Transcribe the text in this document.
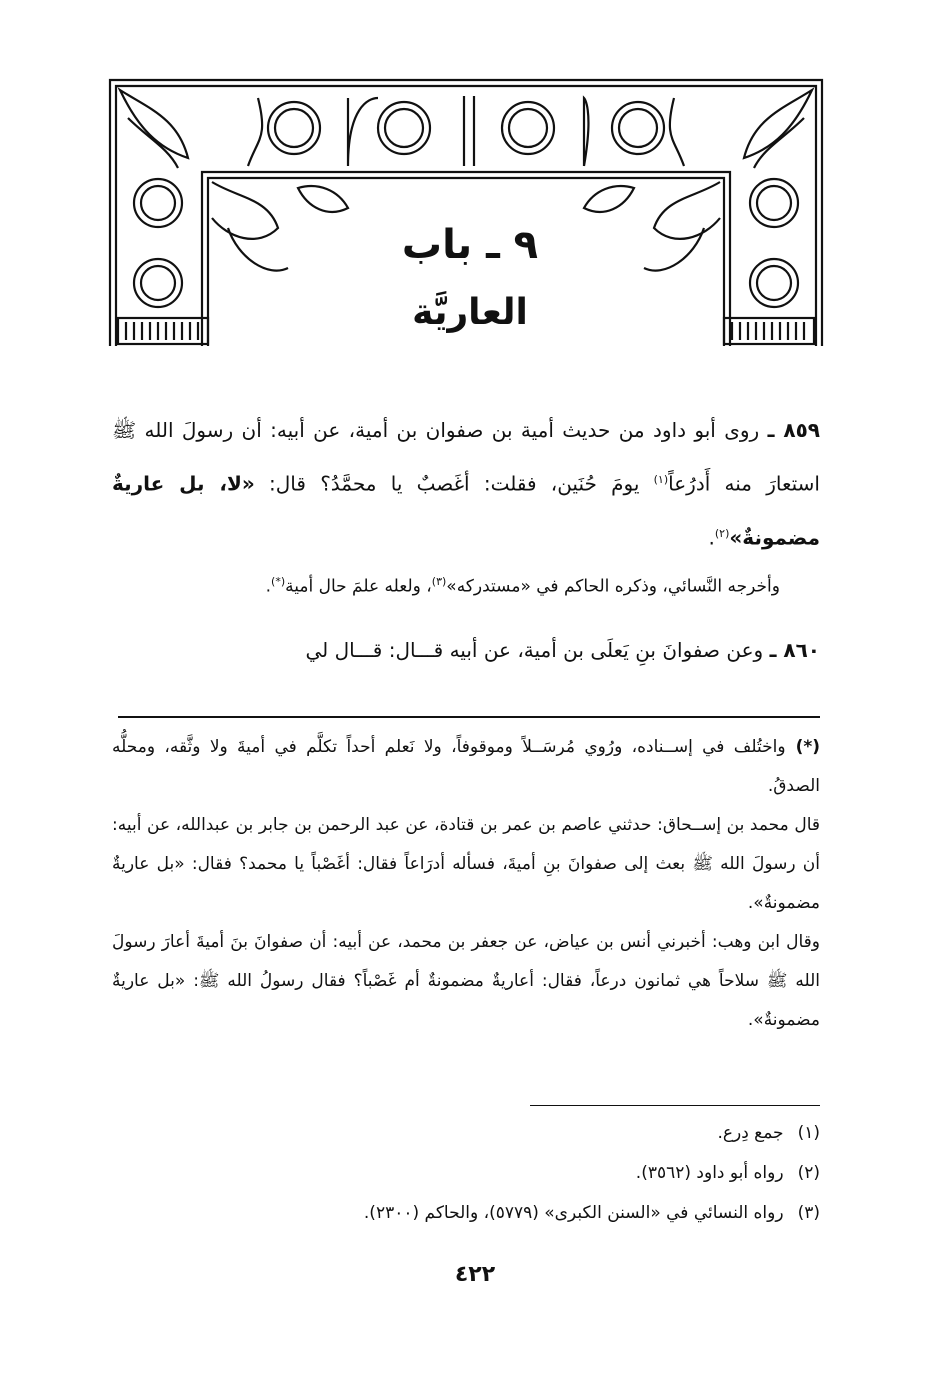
٩ ـ باب
العاريَّة
٨٥٩ ـ روى أبو داود من حديث أمية بن صفوان بن أمية، عن أبيه: أن رسولَ الله ﷺ استعارَ منه أَدرُعاً$^{(١)}$ يومَ حُنَين، فقلت: أغَصبٌ يا محمَّدُ؟ قال: «لا، بل عاريةٌ مضمونةٌ»$^{(٢)}$.
وأخرجه النَّسائي، وذكره الحاكم في «مستدركه»$^{(٣)}$، ولعله علمَ حال أمية(*).
٨٦٠ ـ وعن صفوانَ بنِ يَعلَى بن أمية، عن أبيه قـــال: قـــال لي
(*)واختُلف في إســناده، ورُوي مُرسَــلاً وموقوفاً، ولا نَعلم أحداً تكلَّم في أميةَ ولا وثَّقه، ومحلُّه الصدقُ.
قال محمد بن إســحاق: حدثني عاصم بن عمر بن قتادة، عن عبد الرحمن بن جابر بن عبدالله، عن أبيه: أن رسولَ الله ﷺ بعث إلى صفوانَ بنِ أميةَ، فسأله أدرَاعاً فقال: أغَصْباً يا محمد؟ فقال: «بل عاريةٌ مضمونةٌ».
وقال ابن وهب: أخبرني أنس بن عياض، عن جعفر بن محمد، عن أبيه: أن صفوانَ بنَ أميةَ أعارَ رسولَ الله ﷺ سلاحاً هي ثمانون درعاً، فقال: أعاريةٌ مضمونةٌ أم غَصْباً؟ فقال رسولُ الله ﷺ: «بل عاريةٌ مضمونةٌ».
(١)جمع دِرع.
(٢)رواه أبو داود (٣٥٦٢).
(٣)رواه النسائي في «السنن الكبرى» (٥٧٧٩)، والحاكم (٢٣٠٠).
٤٢٢
